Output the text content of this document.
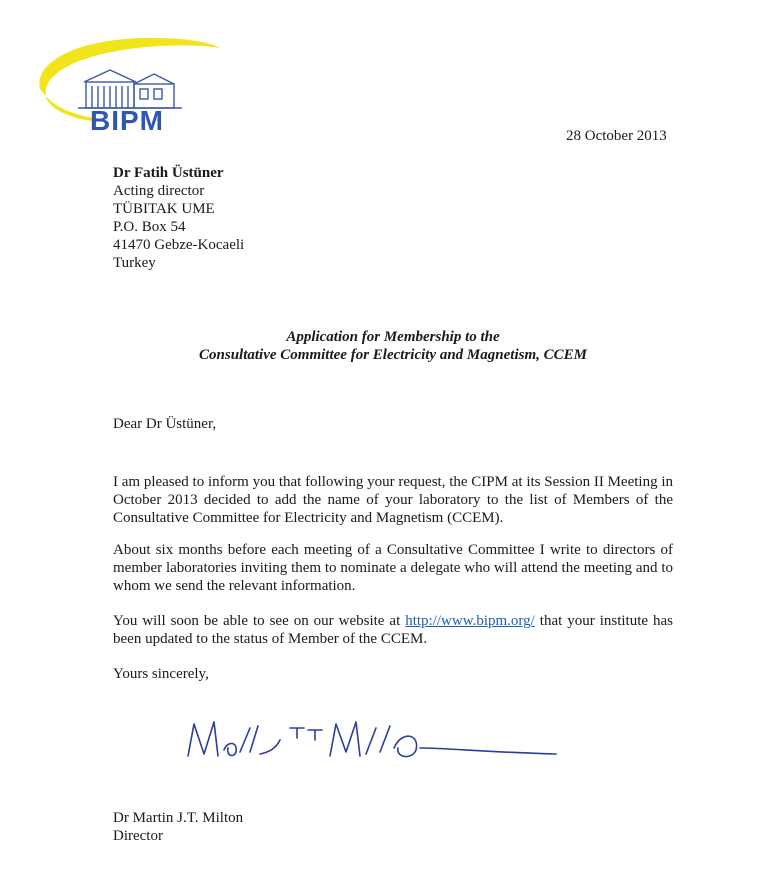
BIPM	28 October 2013
Dr Fatih Üstüner
Acting director
TÜBITAK UME
P.O. Box 54
41470 Gebze-Kocaeli
Turkey
Application for Membership to the
Consultative Committee for Electricity and Magnetism, CCEM
Dear Dr Üstüner,
I am pleased to inform you that following your request, the CIPM at its Session II Meeting in October 2013 decided to add the name of your laboratory to the list of Members of the Consultative Committee for Electricity and Magnetism (CCEM).
About six months before each meeting of a Consultative Committee I write to directors of member laboratories inviting them to nominate a delegate who will attend the meeting and to whom we send the relevant information.
You will soon be able to see on our website at http://www.bipm.org/ that your institute has been updated to the status of Member of the CCEM.
Yours sincerely,
Dr Martin J.T. Milton
Director
